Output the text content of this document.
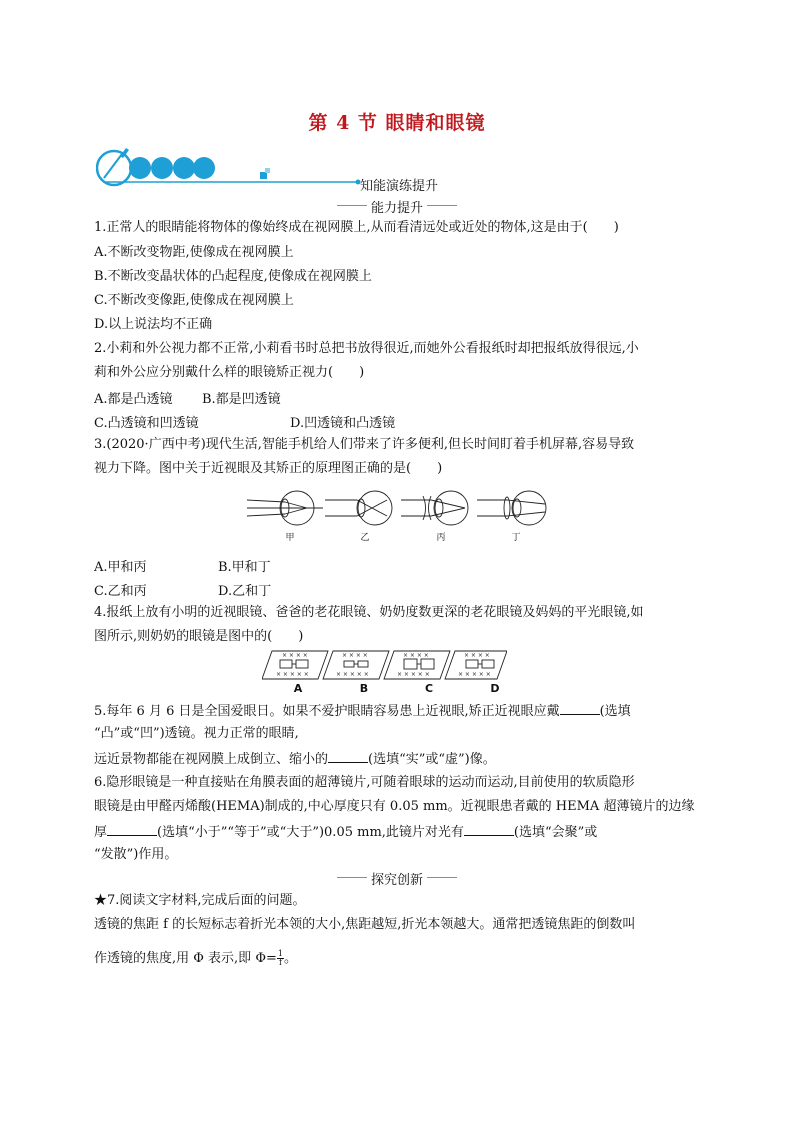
第 4 节 眼睛和眼镜
知能演练提升
能力提升
1.正常人的眼睛能将物体的像始终成在视网膜上,从而看清远处或近处的物体,这是由于(　　)
A.不断改变物距,使像成在视网膜上
B.不断改变晶状体的凸起程度,使像成在视网膜上
C.不断改变像距,使像成在视网膜上
D.以上说法均不正确
2.小莉和外公视力都不正常,小莉看书时总把书放得很近,而她外公看报纸时却把报纸放得很远,小
莉和外公应分别戴什么样的眼镜矫正视力(　　)
A.都是凸透镜 B.都是凹透镜
C.凸透镜和凹透镜	D.凹透镜和凸透镜
3.(2020·广西中考)现代生活,智能手机给人们带来了许多便利,但长时间盯着手机屏幕,容易导致
视力下降。图中关于近视眼及其矫正的原理图正确的是(　　)
甲	乙	丙	丁
A.甲和丙	B.甲和丁
C.乙和丙	D.乙和丁
4.报纸上放有小明的近视眼镜、爸爸的老花眼镜、奶奶度数更深的老花眼镜及妈妈的平光眼镜,如
图所示,则奶奶的眼镜是图中的(　　)
× × × ×
× × × × ×
× × × ×
× × × × ×
× × × ×
× × × × ×
× × × ×
× × × × ×
A	B	C	D
5.每年 6 月 6 日是全国爱眼日。如果不爱护眼睛容易患上近视眼,矫正近视眼应戴	(选填
“凸”或“凹”)透镜。视力正常的眼睛,
远近景物都能在视网膜上成倒立、缩小的	(选填“实”或“虚”)像。
6.隐形眼镜是一种直接贴在角膜表面的超薄镜片,可随着眼球的运动而运动,目前使用的软质隐形
眼镜是由甲醛丙烯酸(HEMA)制成的,中心厚度只有 0.05 mm。近视眼患者戴的 HEMA 超薄镜片的边缘
厚	(选填“小于”“等于”或“大于”)0.05 mm,此镜片对光有	(选填“会聚”或
“发散”)作用。
探究创新
★7.阅读文字材料,完成后面的问题。
透镜的焦距 f 的长短标志着折光本领的大小,焦距越短,折光本领越大。通常把透镜焦距的倒数叫
作透镜的焦度,用 Φ 表示,即 $\Phi= \frac{1}{f}$ 。
